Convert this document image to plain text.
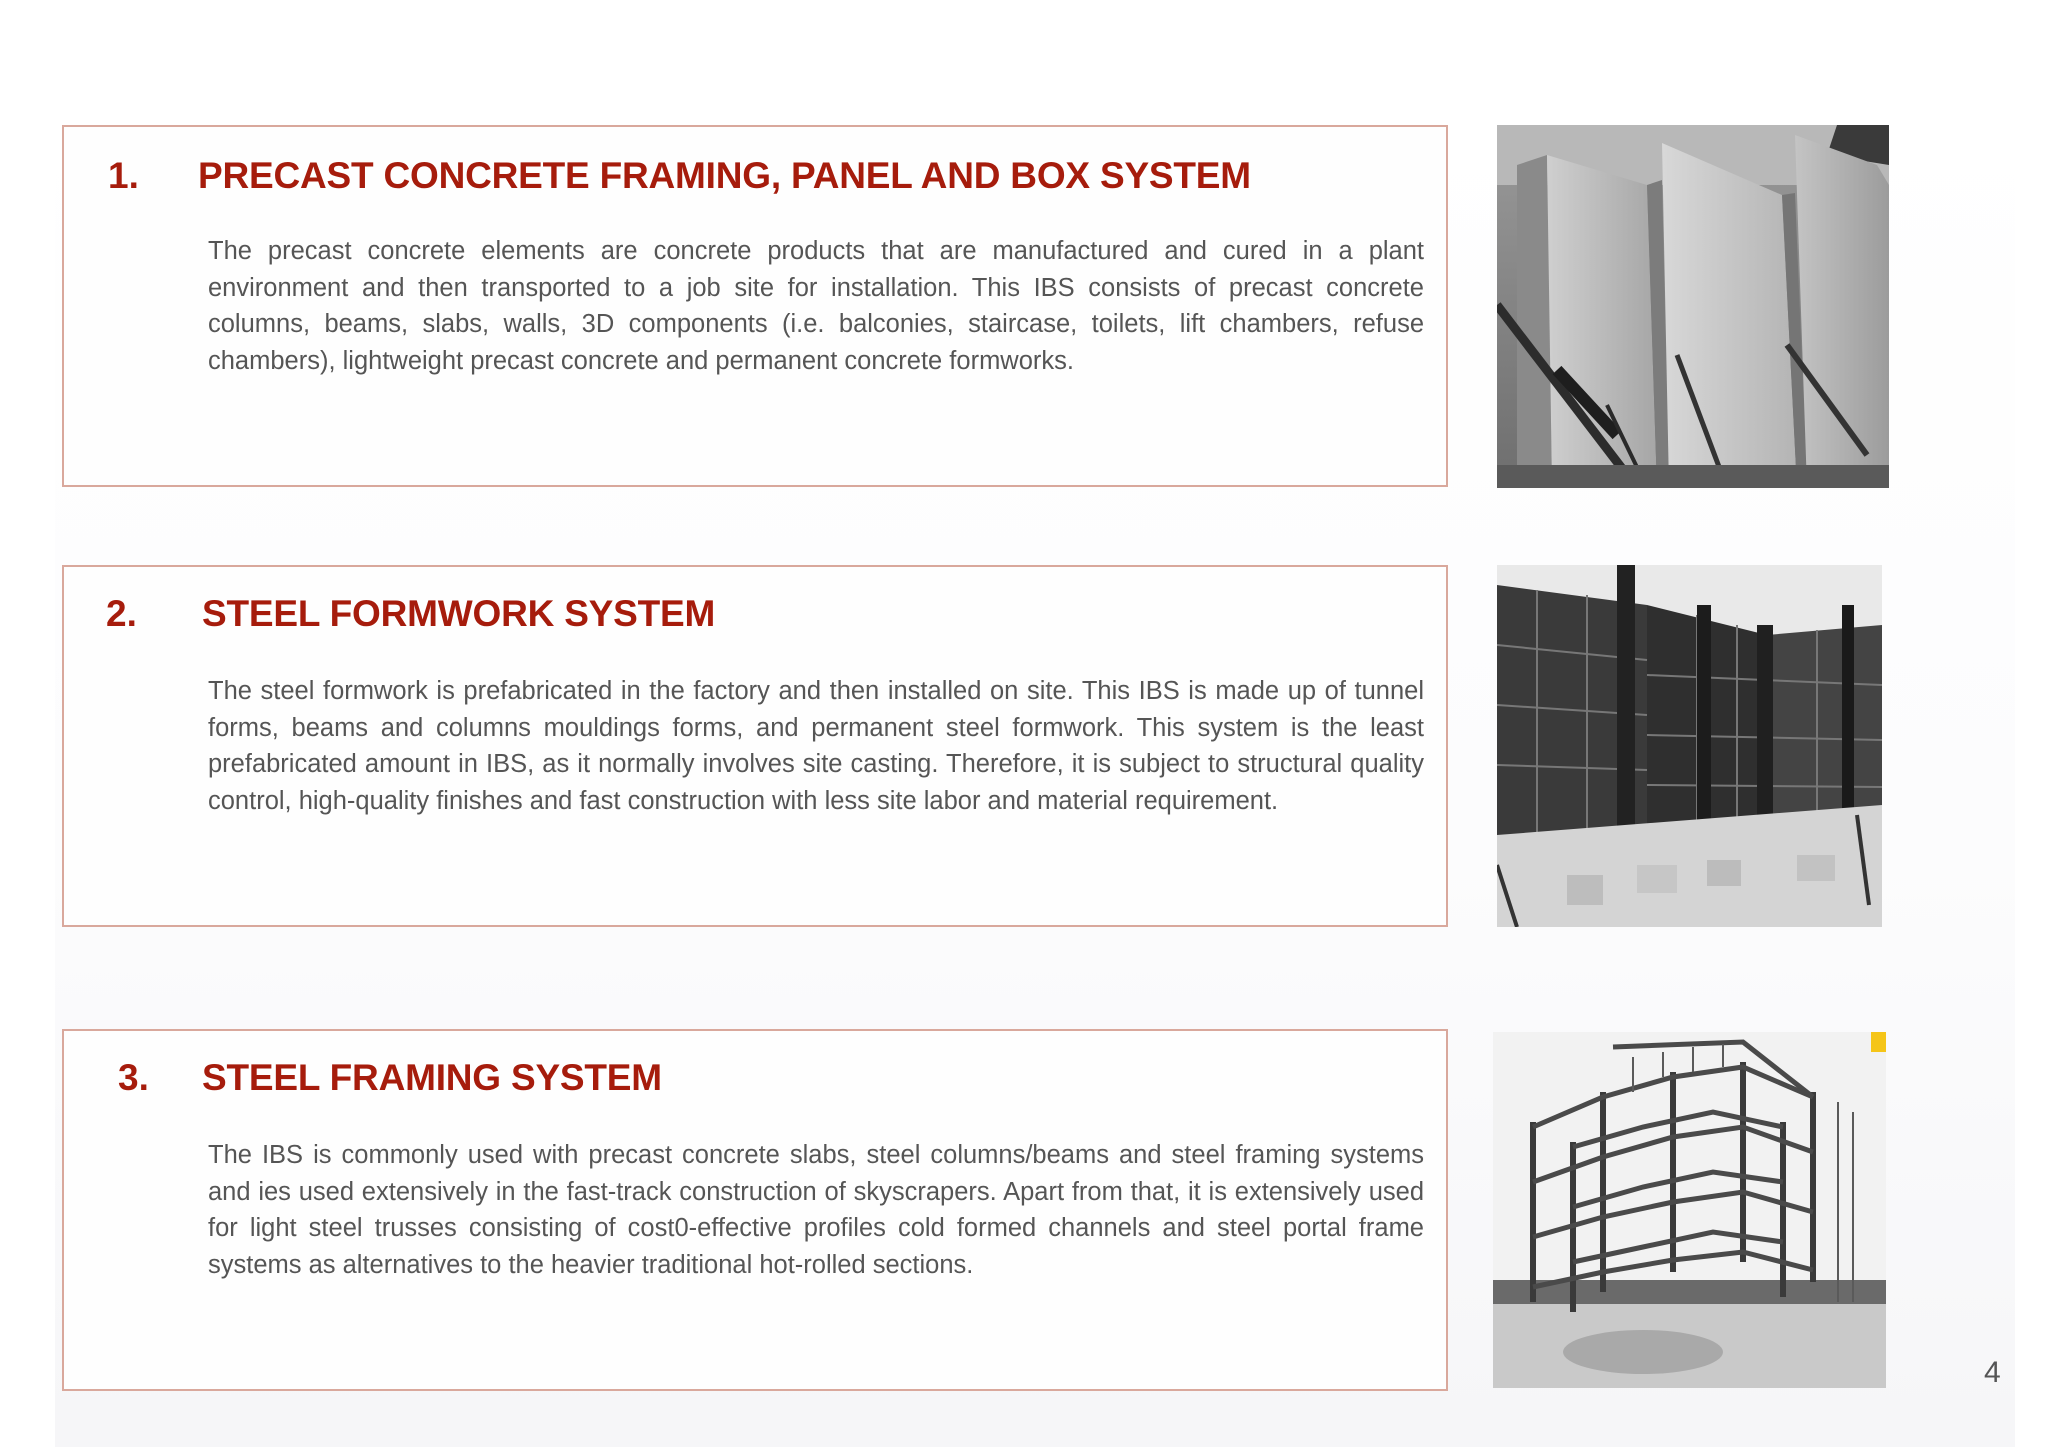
1. PRECAST CONCRETE FRAMING, PANEL AND BOX SYSTEM

The precast concrete elements are concrete products that are manufactured and cured in a plant environment and then transported to a job site for installation. This IBS consists of precast concrete columns, beams, slabs, walls, 3D components (i.e. balconies, staircase, toilets, lift chambers, refuse chambers), lightweight precast concrete and permanent concrete formworks.

2. STEEL FORMWORK SYSTEM

The steel formwork is prefabricated in the factory and then installed on site. This IBS is made up of tunnel forms, beams and columns mouldings forms, and permanent steel formwork. This system is the least prefabricated amount in IBS, as it normally involves site casting. Therefore, it is subject to structural quality control, high-quality finishes and fast construction with less site labor and material requirement.

3. STEEL FRAMING SYSTEM

The IBS is commonly used with precast concrete slabs, steel columns/beams and steel framing systems and ies used extensively in the fast-track construction of skyscrapers. Apart from that, it is extensively used for light steel trusses consisting of cost0-effective profiles cold formed channels and steel portal frame systems as alternatives to the heavier traditional hot-rolled sections.

4
